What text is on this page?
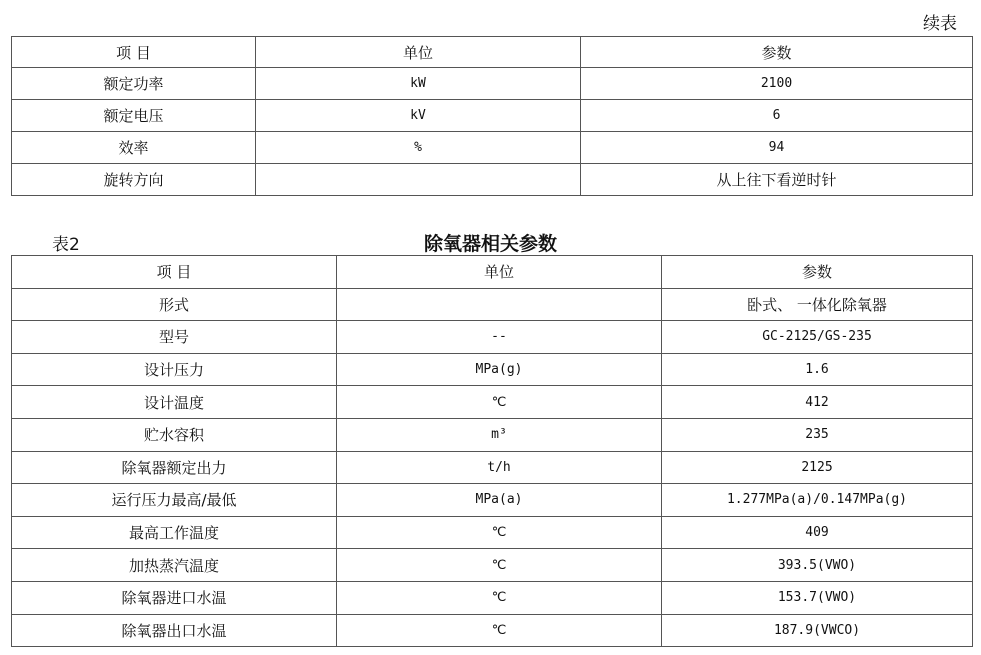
续表
项 目	单位	参数
额定功率	kW	2100
额定电压	kV	6
效率	%	94
旋转方向		从上往下看逆时针
表2	除氧器相关参数
项 目	单位	参数
形式		卧式、 一体化除氧器
型号	--	GC-2125/GS-235
设计压力	MPa(g)	1.6
设计温度	℃	412
贮水容积	m³	235
除氧器额定出力	t/h	2125
运行压力最高/最低	MPa(a)	1.277MPa(a)/0.147MPa(g)
最高工作温度	℃	409
加热蒸汽温度	℃	393.5(VWO)
除氧器进口水温	℃	153.7(VWO)
除氧器出口水温	℃	187.9(VWCO)
